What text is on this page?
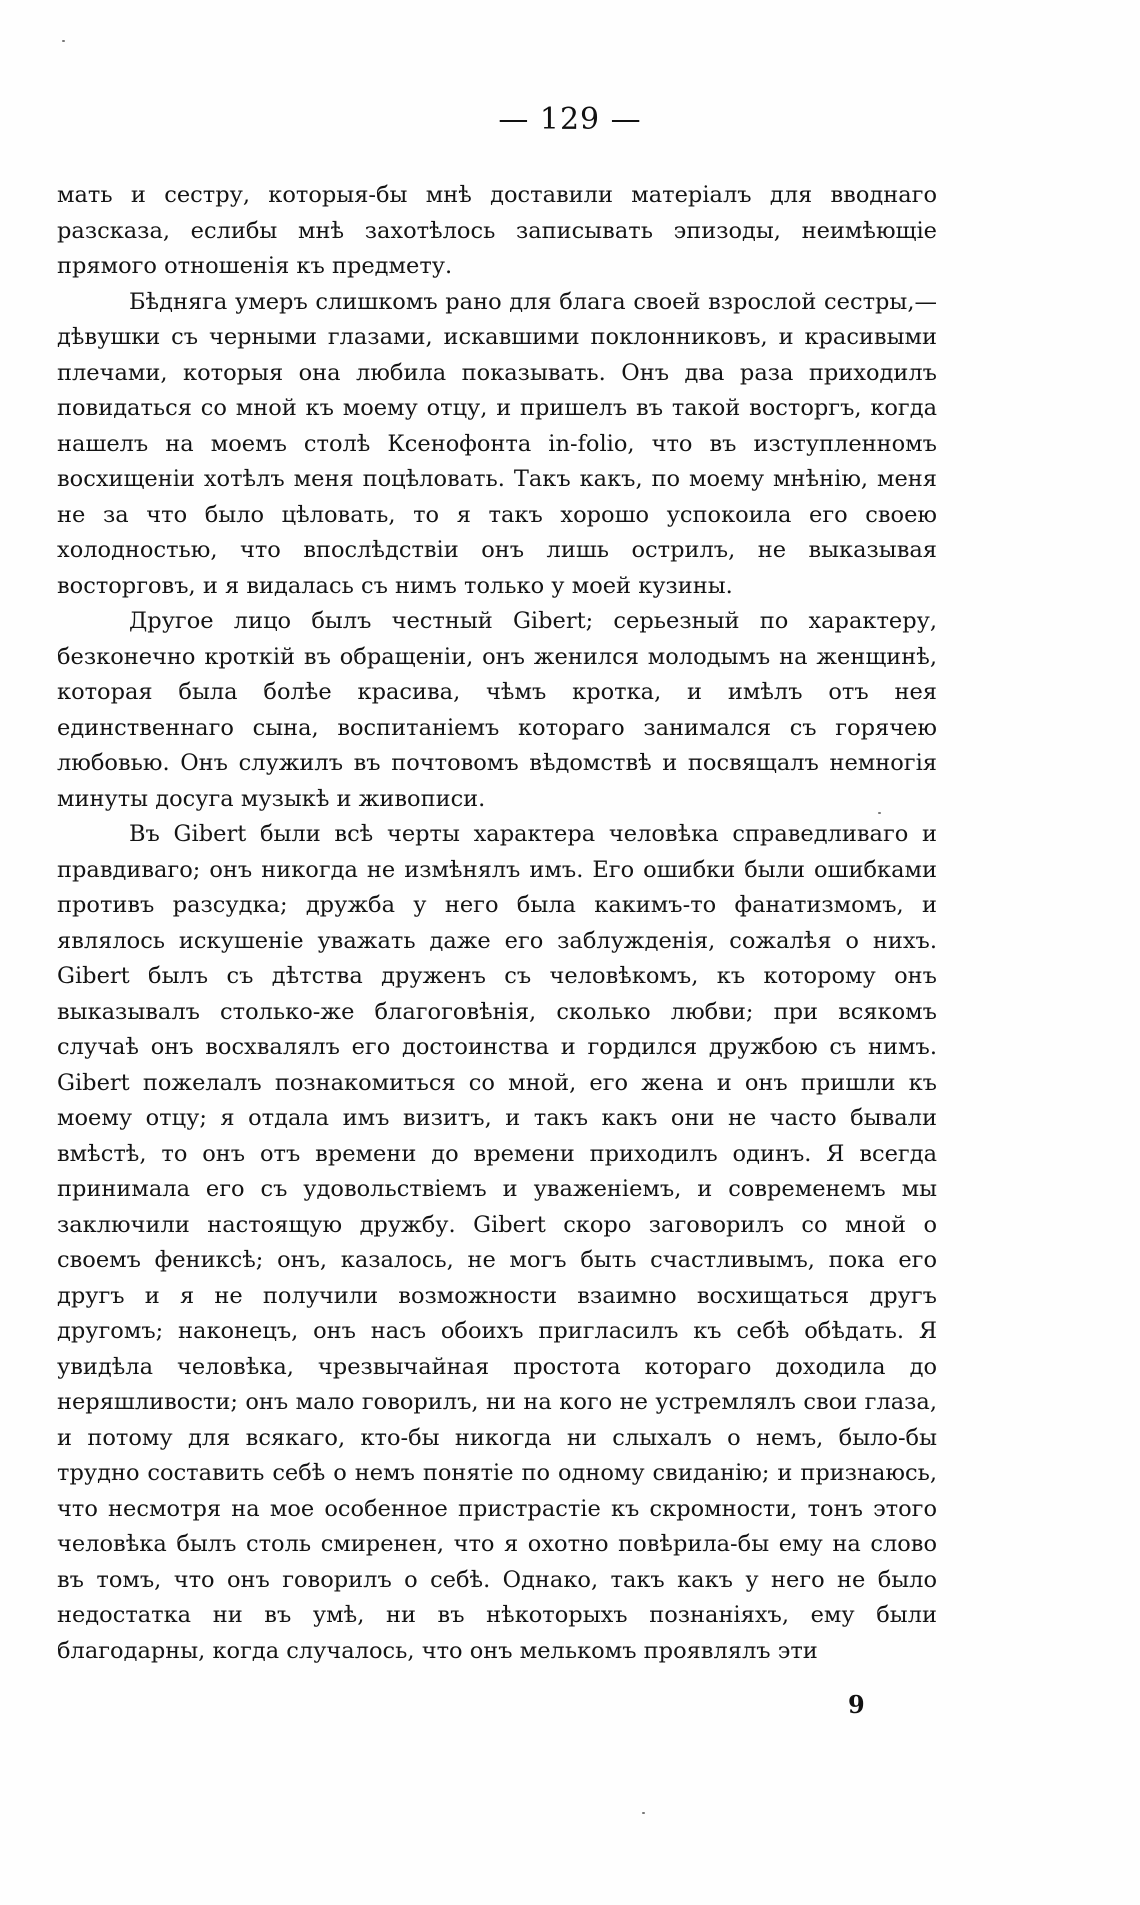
— 129 —

мать и сестру, которыя-бы мнѣ доставили матеріалъ для вводнаго разсказа, еслибы мнѣ захотѣлось записывать эпизоды, неимѣющіе прямого отношенія къ предмету.

Бѣдняга умеръ слишкомъ рано для блага своей взрослой сестры,— дѣвушки съ черными глазами, искавшими поклонниковъ, и красивыми плечами, которыя она любила показывать. Онъ два раза приходилъ повидаться со мной къ моему отцу, и пришелъ въ такой восторгъ, когда нашелъ на моемъ столѣ Ксенофонта in-folio, что въ изступленномъ восхищеніи хотѣлъ меня поцѣловать. Такъ какъ, по моему мнѣнію, меня не за что было цѣловать, то я такъ хорошо успокоила его своею холодностью, что впослѣдствіи онъ лишь острилъ, не выказывая восторговъ, и я видалась съ нимъ только у моей кузины.

Другое лицо былъ честный Gibert; серьезный по характеру, безконечно кроткій въ обращеніи, онъ женился молодымъ на женщинѣ, которая была болѣе красива, чѣмъ кротка, и имѣлъ отъ нея единственнаго сына, воспитаніемъ котораго занимался съ горячею любовью. Онъ служилъ въ почтовомъ вѣдомствѣ и посвящалъ немногія минуты досуга музыкѣ и живописи.

Въ Gibert были всѣ черты характера человѣка справедливаго и правдиваго; онъ никогда не измѣнялъ имъ. Его ошибки были ошибками противъ разсудка; дружба у него была какимъ-то фанатизмомъ, и являлось искушеніе уважать даже его заблужденія, сожалѣя о нихъ. Gibert былъ съ дѣтства друженъ съ человѣкомъ, къ которому онъ выказывалъ столько-же благоговѣнія, сколько любви; при всякомъ случаѣ онъ восхвалялъ его достоинства и гордился дружбою съ нимъ. Gibert пожелалъ познакомиться со мной, его жена и онъ пришли къ моему отцу; я отдала имъ визитъ, и такъ какъ они не часто бывали вмѣстѣ, то онъ отъ времени до времени приходилъ одинъ. Я всегда принимала его съ удовольствіемъ и уваженіемъ, и современемъ мы заключили настоящую дружбу. Gibert скоро заговорилъ со мной о своемъ фениксѣ; онъ, казалось, не могъ быть счастливымъ, пока его другъ и я не получили возможности взаимно восхищаться другъ другомъ; наконецъ, онъ насъ обоихъ пригласилъ къ себѣ обѣдать. Я увидѣла человѣка, чрезвычайная простота котораго доходила до неряшливости; онъ мало говорилъ, ни на кого не устремлялъ свои глаза, и потому для всякаго, кто-бы никогда ни слыхалъ о немъ, было-бы трудно составить себѣ о немъ понятіе по одному свиданію; и признаюсь, что несмотря на мое особенное пристрастіе къ скромности, тонъ этого человѣка былъ столь смиренен, что я охотно повѣрила-бы ему на слово въ томъ, что онъ говорилъ о себѣ. Однако, такъ какъ у него не было недостатка ни въ умѣ, ни въ нѣкоторыхъ познаніяхъ, ему были благодарны, когда случалось, что онъ мелькомъ проявлялъ эти

9
